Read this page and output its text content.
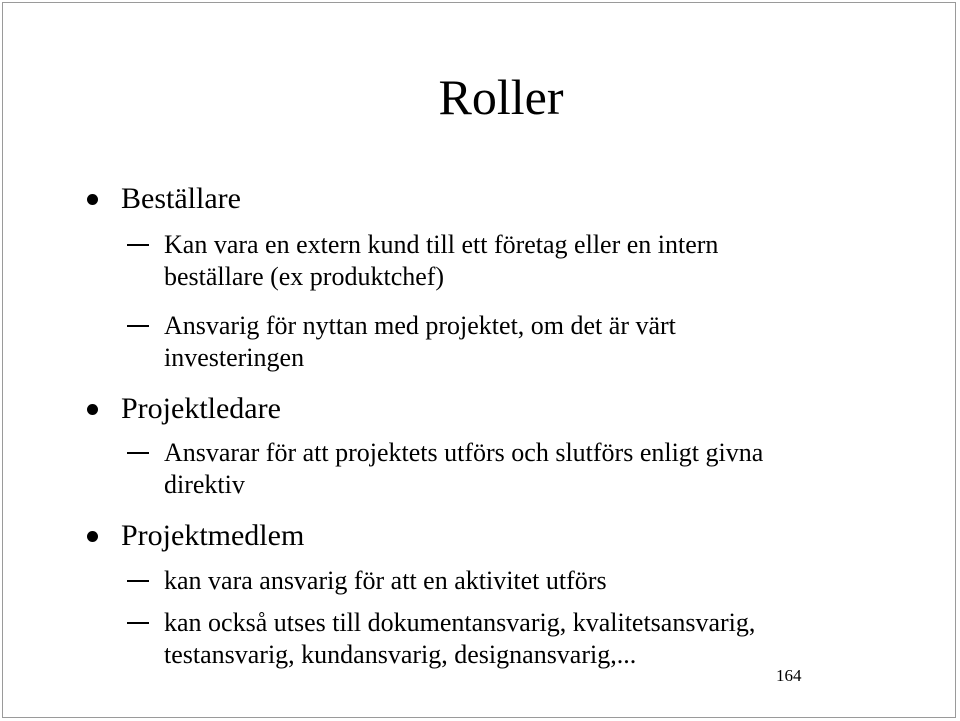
Roller
Beställare
Kan vara en extern kund till ett företag eller en intern beställare (ex produktchef)
Ansvarig för nyttan med projektet, om det är värt investeringen
Projektledare
Ansvarar för att projektets utförs och slutförs enligt givna direktiv
Projektmedlem
kan vara ansvarig för att en aktivitet utförs
kan också utses till dokumentansvarig, kvalitetsansvarig, testansvarig, kundansvarig, designansvarig,...
164
